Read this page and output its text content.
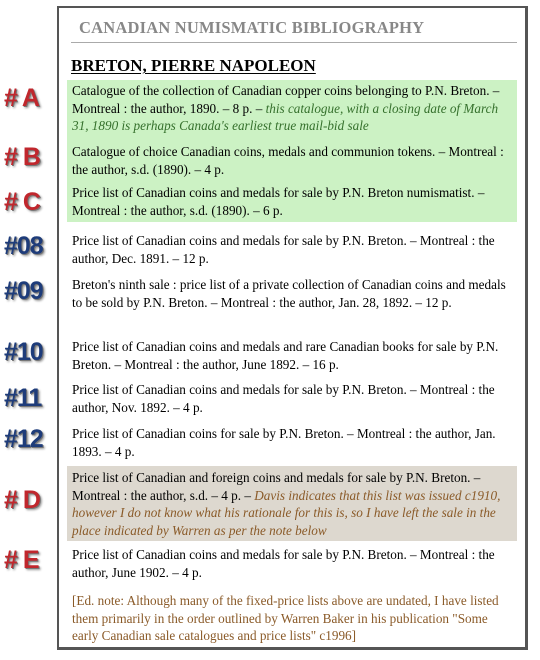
# A
# B
# C
#08
#09
#10
#11
#12
# D
# E
CANADIAN NUMISMATIC BIBLIOGRAPHY
BRETON, PIERRE NAPOLEON
Catalogue of the collection of Canadian copper coins belonging to P.N. Breton. – Montreal : the author, 1890. – 8 p. – this catalogue, with a closing date of March 31, 1890 is perhaps Canada's earliest true mail-bid sale
Catalogue of choice Canadian coins, medals and communion tokens. – Montreal : the author, s.d. (1890). – 4 p.
Price list of Canadian coins and medals for sale by P.N. Breton numismatist. – Montreal : the author, s.d. (1890). – 6 p.
Price list of Canadian coins and medals for sale by P.N. Breton. – Montreal : the author, Dec. 1891. – 12 p.
Breton's ninth sale : price list of a private collection of Canadian coins and medals to be sold by P.N. Breton. – Montreal : the author, Jan. 28, 1892. – 12 p.
Price list of Canadian coins and medals and rare Canadian books for sale by P.N. Breton. – Montreal : the author, June 1892. – 16 p.
Price list of Canadian coins and medals for sale by P.N. Breton. – Montreal : the author, Nov. 1892. – 4 p.
Price list of Canadian coins for sale by P.N. Breton. – Montreal : the author, Jan. 1893. – 4 p.
Price list of Canadian and foreign coins and medals for sale by P.N. Breton. – Montreal : the author, s.d. – 4 p. – Davis indicates that this list was issued c1910, however I do not know what his rationale for this is, so I have left the sale in the place indicated by Warren as per the note below
Price list of Canadian coins and medals for sale by P.N. Breton. – Montreal : the author, June 1902. – 4 p.
[Ed. note: Although many of the fixed-price lists above are undated, I have listed them primarily in the order outlined by Warren Baker in his publication "Some early Canadian sale catalogues and price lists" c1996]
